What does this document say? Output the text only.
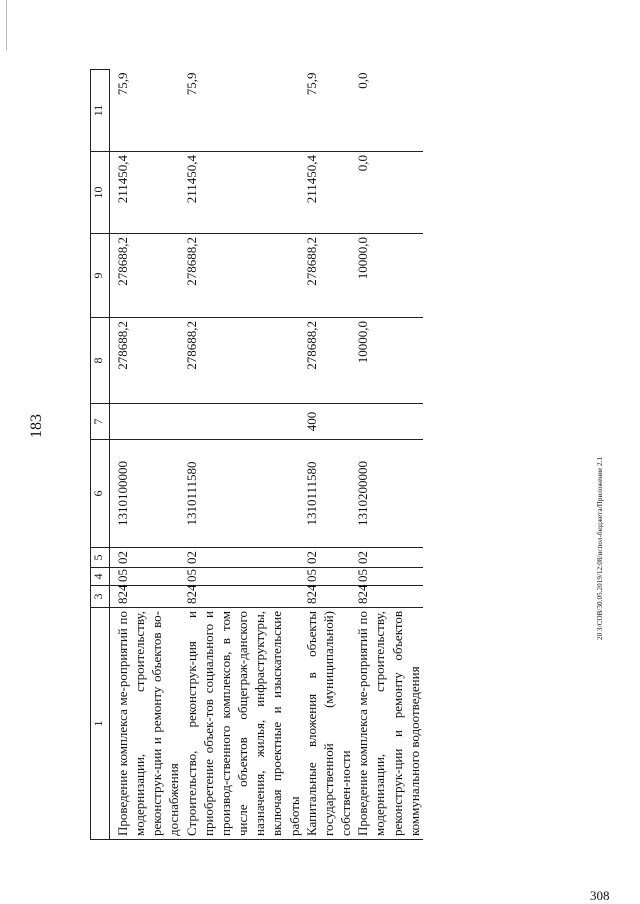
183
20 З/СОВ/30.05.2019/12:08/испол-бюджета/Приложение 2.1
308
1	3	4	5	6	7	8	9	10	11
Проведение комплекса ме-роприятий по модернизации, строительству, реконструк-ции и ремонту объектов во-доснабжения	824	05	02	1310100000		278688,2	278688,2	211450,4	75,9
Строительство, реконструк-ция и приобретение объек-тов социального и производ-ственного комплексов, в том числе объектов общеграж-данского назначения, жилья, инфраструктуры, включая проектные и изыскательские работы	824	05	02	1310111580		278688,2	278688,2	211450,4	75,9
Капитальные вложения в объекты государственной (муниципальной) собствен-ности	824	05	02	1310111580	400	278688,2	278688,2	211450,4	75,9
Проведение комплекса ме-роприятий по модернизации, строительству, реконструк-ции и ремонту объектов коммунального водоотведения	824	05	02	1310200000		10000,0	10000,0	0,0	0,0
